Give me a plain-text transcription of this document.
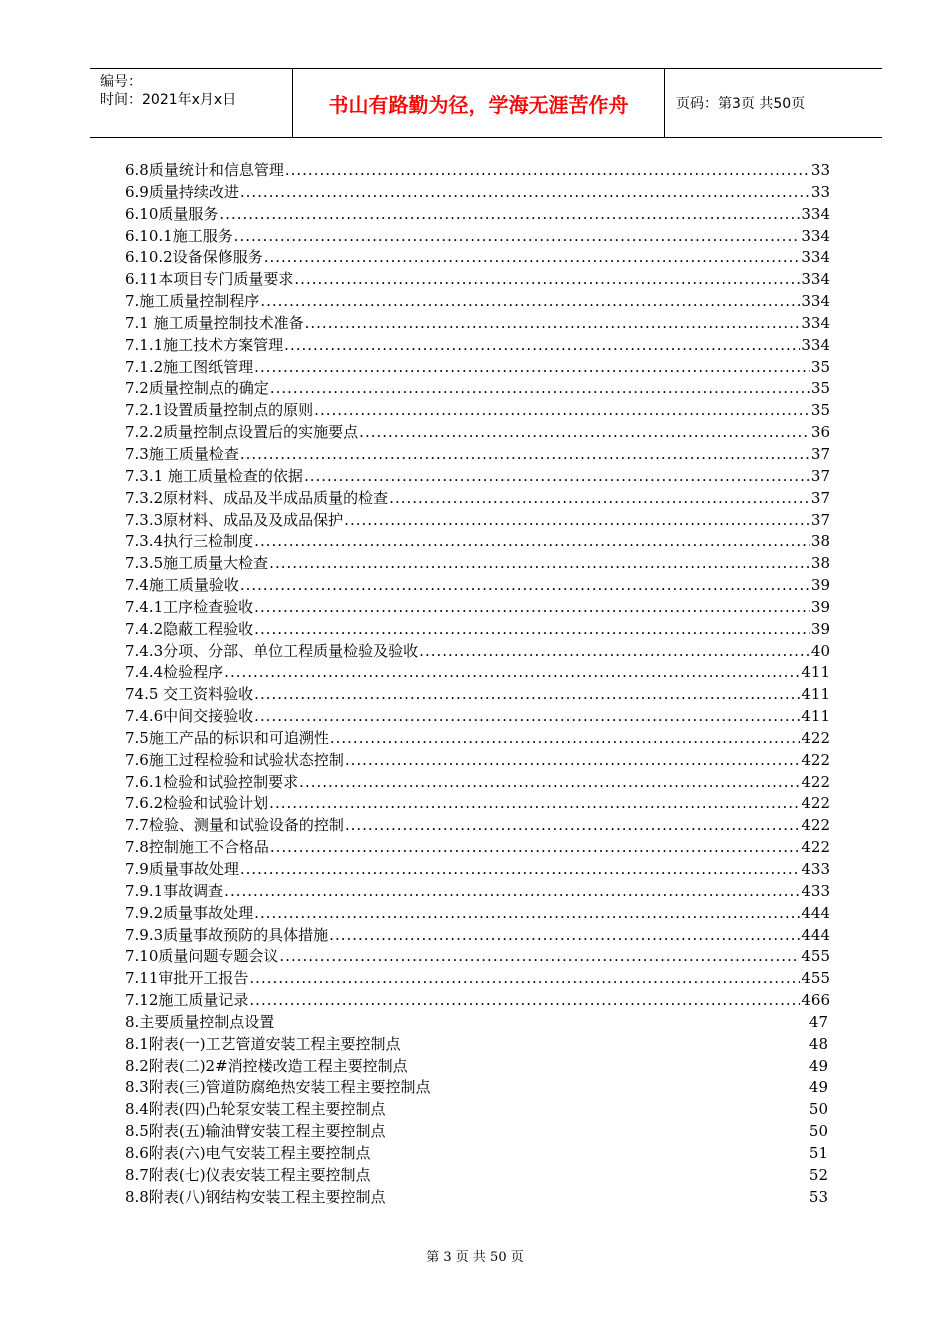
编号：
时间：2021年x月x日	书山有路勤为径，学海无涯苦作舟	页码：第3页 共50页
6.8质量统计和信息管理 .....	33
6.9质量持续改进 .....	33
6.10质量服务 .....	334
6.10.1施工服务 .....	334
6.10.2设备保修服务 .....	334
6.11本项目专门质量要求 .....	334
7.施工质量控制程序 .....	334
7.1 施工质量控制技术准备 .....	334
7.1.1施工技术方案管理 .....	334
7.1.2施工图纸管理 .....	35
7.2质量控制点的确定 .....	35
7.2.1设置质量控制点的原则 .....	35
7.2.2质量控制点设置后的实施要点 .....	36
7.3施工质量检查 .....	37
7.3.1 施工质量检查的依据 .....	37
7.3.2原材料、成品及半成品质量的检查 .....	37
7.3.3原材料、成品及及成品保护 .....	37
7.3.4执行三检制度 .....	38
7.3.5施工质量大检查 .....	38
7.4施工质量验收 .....	39
7.4.1工序检查验收 .....	39
7.4.2隐蔽工程验收 .....	39
7.4.3分项、分部、单位工程质量检验及验收 .....	40
7.4.4检验程序 .....	411
74.5 交工资料验收 .....	411
7.4.6中间交接验收 .....	411
7.5施工产品的标识和可追溯性 .....	422
7.6施工过程检验和试验状态控制 .....	422
7.6.1检验和试验控制要求 .....	422
7.6.2检验和试验计划 .....	422
7.7检验、测量和试验设备的控制 .....	422
7.8控制施工不合格品 .....	422
7.9质量事故处理 .....	433
7.9.1事故调查 .....	433
7.9.2质量事故处理 .....	444
7.9.3质量事故预防的具体措施 .....	444
7.10质量问题专题会议 .....	455
7.11审批开工报告 .....	455
7.12施工质量记录 .....	466
8.主要质量控制点设置	47
8.1附表(一)工艺管道安装工程主要控制点	48
8.2附表(二)2#消控楼改造工程主要控制点	49
8.3附表(三)管道防腐绝热安装工程主要控制点	49
8.4附表(四)凸轮泵安装工程主要控制点	50
8.5附表(五)输油臂安装工程主要控制点	50
8.6附表(六)电气安装工程主要控制点	51
8.7附表(七)仪表安装工程主要控制点	52
8.8附表(八)钢结构安装工程主要控制点	53
第 3 页 共 50 页
